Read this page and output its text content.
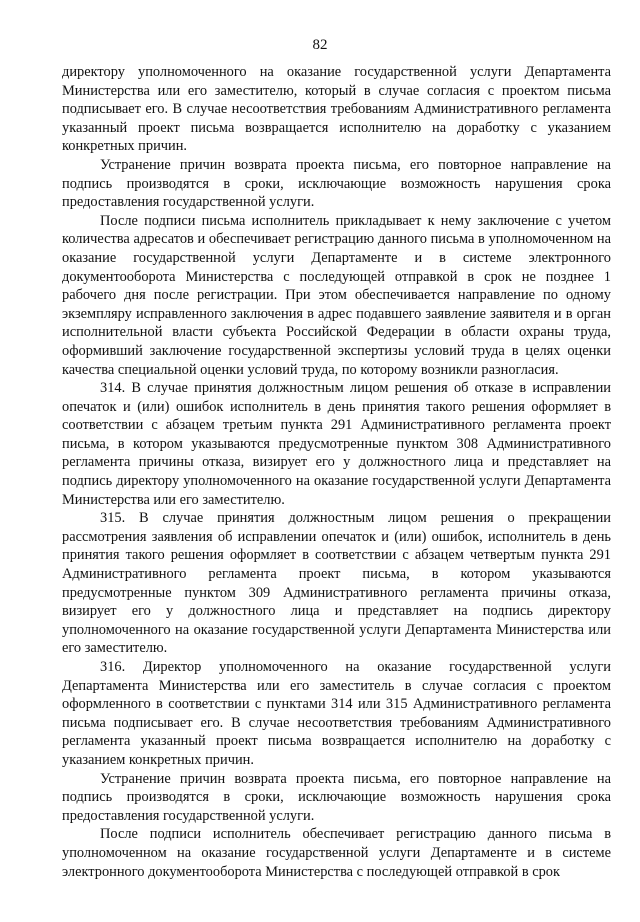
82

директору уполномоченного на оказание государственной услуги Департамента Министерства или его заместителю, который в случае согласия с проектом письма подписывает его. В случае несоответствия требованиям Административного регламента указанный проект письма возвращается исполнителю на доработку с указанием конкретных причин.

Устранение причин возврата проекта письма, его повторное направление на подпись производятся в сроки, исключающие возможность нарушения срока предоставления государственной услуги.

После подписи письма исполнитель прикладывает к нему заключение с учетом количества адресатов и обеспечивает регистрацию данного письма в уполномоченном на оказание государственной услуги Департаменте и в системе электронного документооборота Министерства с последующей отправкой в срок не позднее 1 рабочего дня после регистрации. При этом обеспечивается направление по одному экземпляру исправленного заключения в адрес подавшего заявление заявителя и в орган исполнительной власти субъекта Российской Федерации в области охраны труда, оформивший заключение государственной экспертизы условий труда в целях оценки качества специальной оценки условий труда, по которому возникли разногласия.

314. В случае принятия должностным лицом решения об отказе в исправлении опечаток и (или) ошибок исполнитель в день принятия такого решения оформляет в соответствии с абзацем третьим пункта 291 Административного регламента проект письма, в котором указываются предусмотренные пунктом 308 Административного регламента причины отказа, визирует его у должностного лица и представляет на подпись директору уполномоченного на оказание государственной услуги Департамента Министерства или его заместителю.

315. В случае принятия должностным лицом решения о прекращении рассмотрения заявления об исправлении опечаток и (или) ошибок, исполнитель в день принятия такого решения оформляет в соответствии с абзацем четвертым пункта 291 Административного регламента проект письма, в котором указываются предусмотренные пунктом 309 Административного регламента причины отказа, визирует его у должностного лица и представляет на подпись директору уполномоченного на оказание государственной услуги Департамента Министерства или его заместителю.

316. Директор уполномоченного на оказание государственной услуги Департамента Министерства или его заместитель в случае согласия с проектом оформленного в соответствии с пунктами 314 или 315 Административного регламента письма подписывает его. В случае несоответствия требованиям Административного регламента указанный проект письма возвращается исполнителю на доработку с указанием конкретных причин.

Устранение причин возврата проекта письма, его повторное направление на подпись производятся в сроки, исключающие возможность нарушения срока предоставления государственной услуги.

После подписи исполнитель обеспечивает регистрацию данного письма в уполномоченном на оказание государственной услуги Департаменте и в системе электронного документооборота Министерства с последующей отправкой в срок
